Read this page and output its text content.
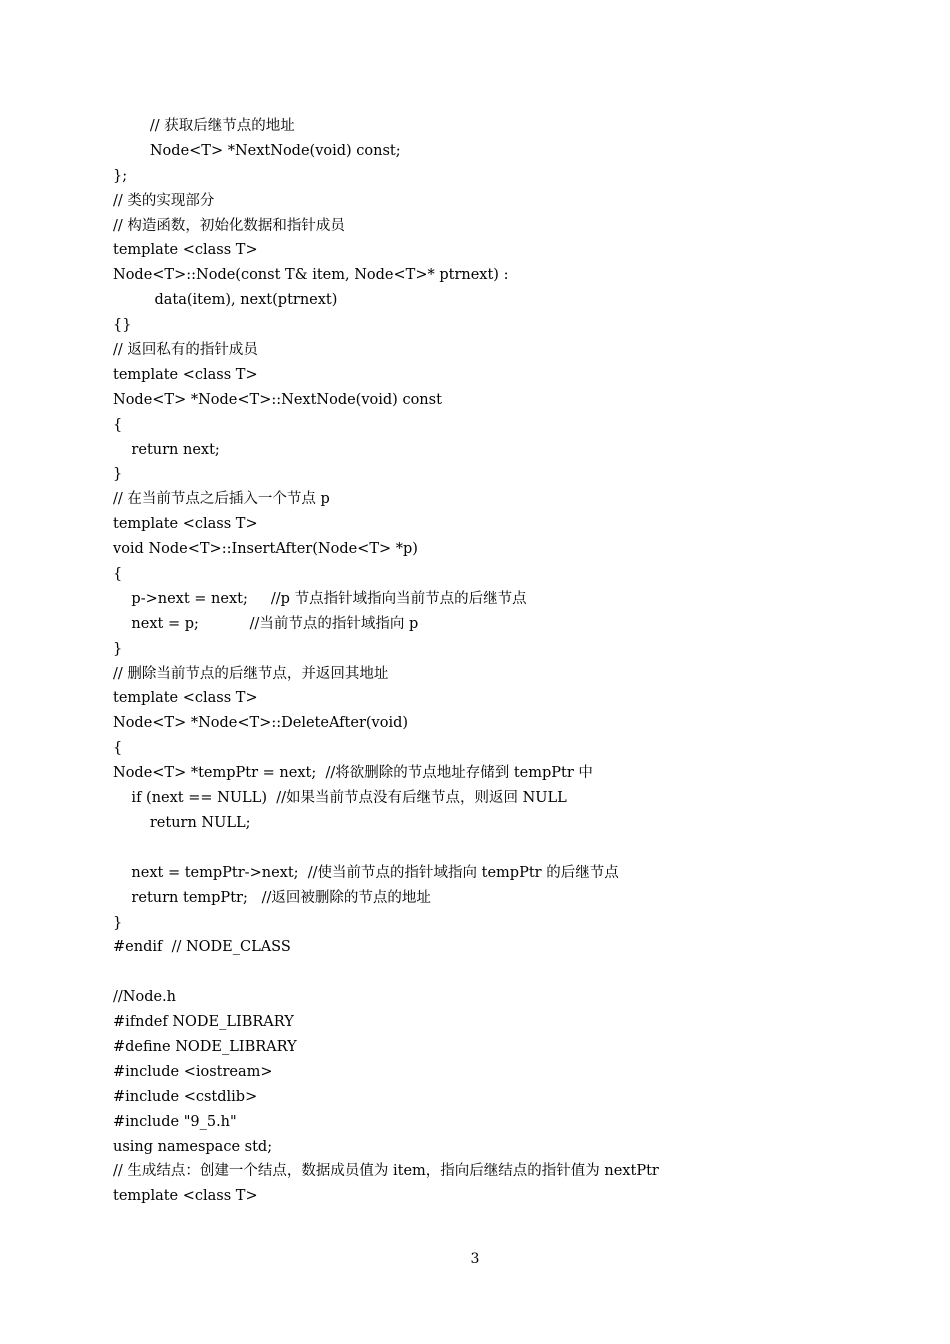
// 获取后继节点的地址
Node<T> *NextNode(void) const;
};
// 类的实现部分
// 构造函数，初始化数据和指针成员
template <class T>
Node<T>::Node(const T& item, Node<T>* ptrnext) :
data(item), next(ptrnext)
{}
// 返回私有的指针成员
template <class T>
Node<T> *Node<T>::NextNode(void) const
{
return next;
}
// 在当前节点之后插入一个节点 p
template <class T>
void Node<T>::InsertAfter(Node<T> *p)
{
p->next = next;     //p 节点指针域指向当前节点的后继节点
next = p;           //当前节点的指针域指向 p
}
// 删除当前节点的后继节点，并返回其地址
template <class T>
Node<T> *Node<T>::DeleteAfter(void)
{
Node<T> *tempPtr = next;  //将欲删除的节点地址存储到 tempPtr 中
if (next == NULL)  //如果当前节点没有后继节点，则返回 NULL
return NULL;
next = tempPtr->next;  //使当前节点的指针域指向 tempPtr 的后继节点
return tempPtr;   //返回被删除的节点的地址
}
#endif  // NODE_CLASS
//Node.h
#ifndef NODE_LIBRARY
#define NODE_LIBRARY
#include <iostream>
#include <cstdlib>
#include "9_5.h"
using namespace std;
// 生成结点：创建一个结点，数据成员值为 item，指向后继结点的指针值为 nextPtr
template <class T>
3
